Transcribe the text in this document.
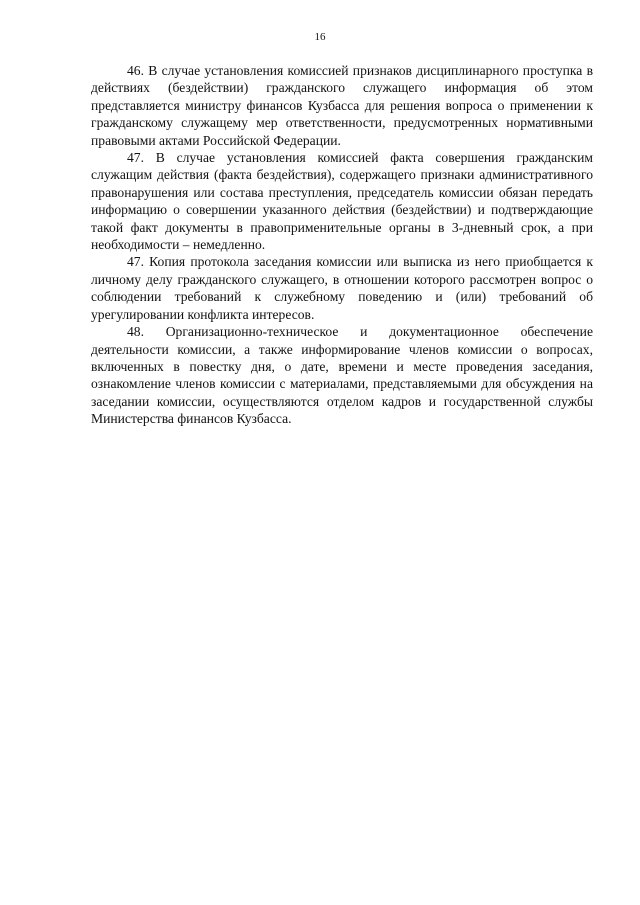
16

46. В случае установления комиссией признаков дисциплинарного проступка в действиях (бездействии) гражданского служащего информация об этом представляется министру финансов Кузбасса для решения вопроса о применении к гражданскому служащему мер ответственности, предусмотренных нормативными правовыми актами Российской Федерации.

47. В случае установления комиссией факта совершения гражданским служащим действия (факта бездействия), содержащего признаки административного правонарушения или состава преступления, председатель комиссии обязан передать информацию о совершении указанного действия (бездействии) и подтверждающие такой факт документы в правоприменительные органы в 3-дневный срок, а при необходимости – немедленно.

47. Копия протокола заседания комиссии или выписка из него приобщается к личному делу гражданского служащего, в отношении которого рассмотрен вопрос о соблюдении требований к служебному поведению и (или) требований об урегулировании конфликта интересов.

48. Организационно-техническое и документационное обеспечение деятельности комиссии, а также информирование членов комиссии о вопросах, включенных в повестку дня, о дате, времени и месте проведения заседания, ознакомление членов комиссии с материалами, представляемыми для обсуждения на заседании комиссии, осуществляются отделом кадров и государственной службы Министерства финансов Кузбасса.
